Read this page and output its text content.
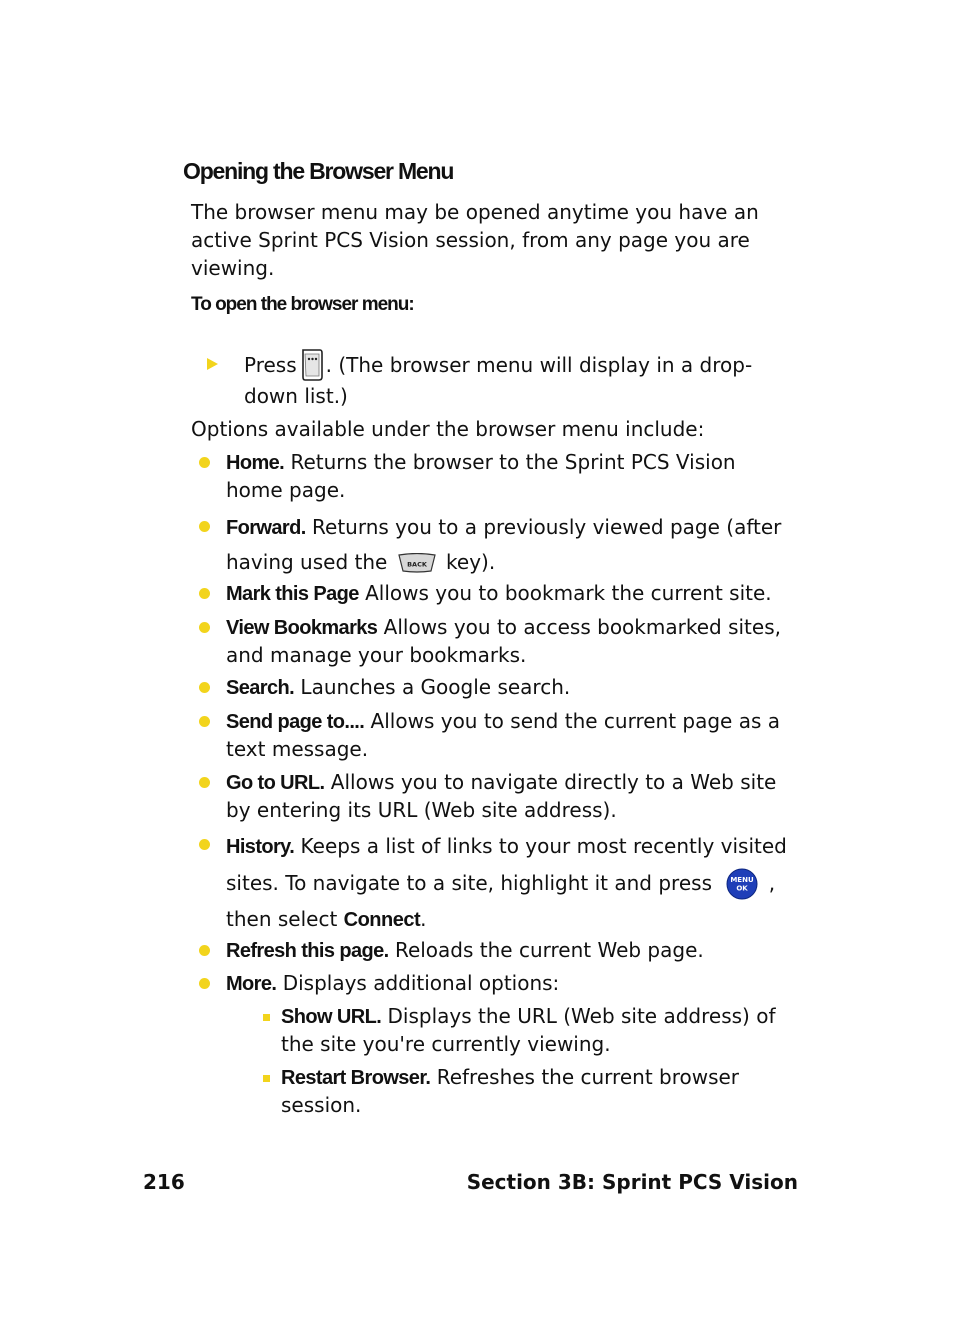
Opening the Browser Menu

The browser menu may be opened anytime you have an active Sprint PCS Vision session, from any page you are viewing.

To open the browser menu:
Press . (The browser menu will display in a drop-down list.)

Options available under the browser menu include:

Home. Returns the browser to the Sprint PCS Vision home page.
Forward. Returns you to a previously viewed page (after having used the BACK key).
Mark this Page Allows you to bookmark the current site.
View Bookmarks Allows you to access bookmarked sites, and manage your bookmarks.
Search. Launches a Google search.
Send page to.... Allows you to send the current page as a text message.
Go to URL. Allows you to navigate directly to a Web site by entering its URL (Web site address).
History. Keeps a list of links to your most recently visited sites. To navigate to a site, highlight it and press MENU
OK ,
then select Connect.
Refresh this page. Reloads the current Web page.
More. Displays additional options:
Show URL. Displays the URL (Web site address) of the site you're currently viewing.
Restart Browser. Refreshes the current browser session.

216	Section 3B: Sprint PCS Vision
